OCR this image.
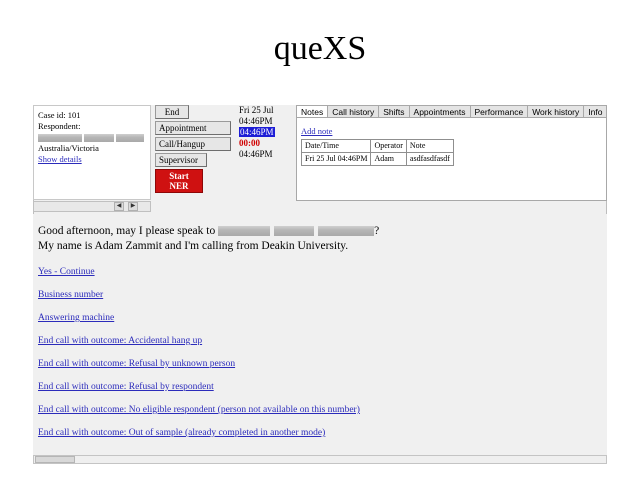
queXS
Case id: 101
Respondent:

Australia/Victoria
Show details
◀	▶
End
Appointment
Call/Hangup
Supervisor
Start NER
Fri 25 Jul
04:46PM
04:46PM
00:00
04:46PM
Notes	Call history	Shifts	Appointments	Performance	Work history	Info
Add note
Date/Time	Operator	Note
Fri 25 Jul 04:46PM	Adam	asdfasdfasdf
Good afternoon, may I please speak to	?
My name is Adam Zammit and I'm calling from Deakin University.
Yes - Continue
Business number
Answering machine
End call with outcome: Accidental hang up
End call with outcome: Refusal by unknown person
End call with outcome: Refusal by respondent
End call with outcome: No eligible respondent (person not available on this number)
End call with outcome: Out of sample (already completed in another mode)
